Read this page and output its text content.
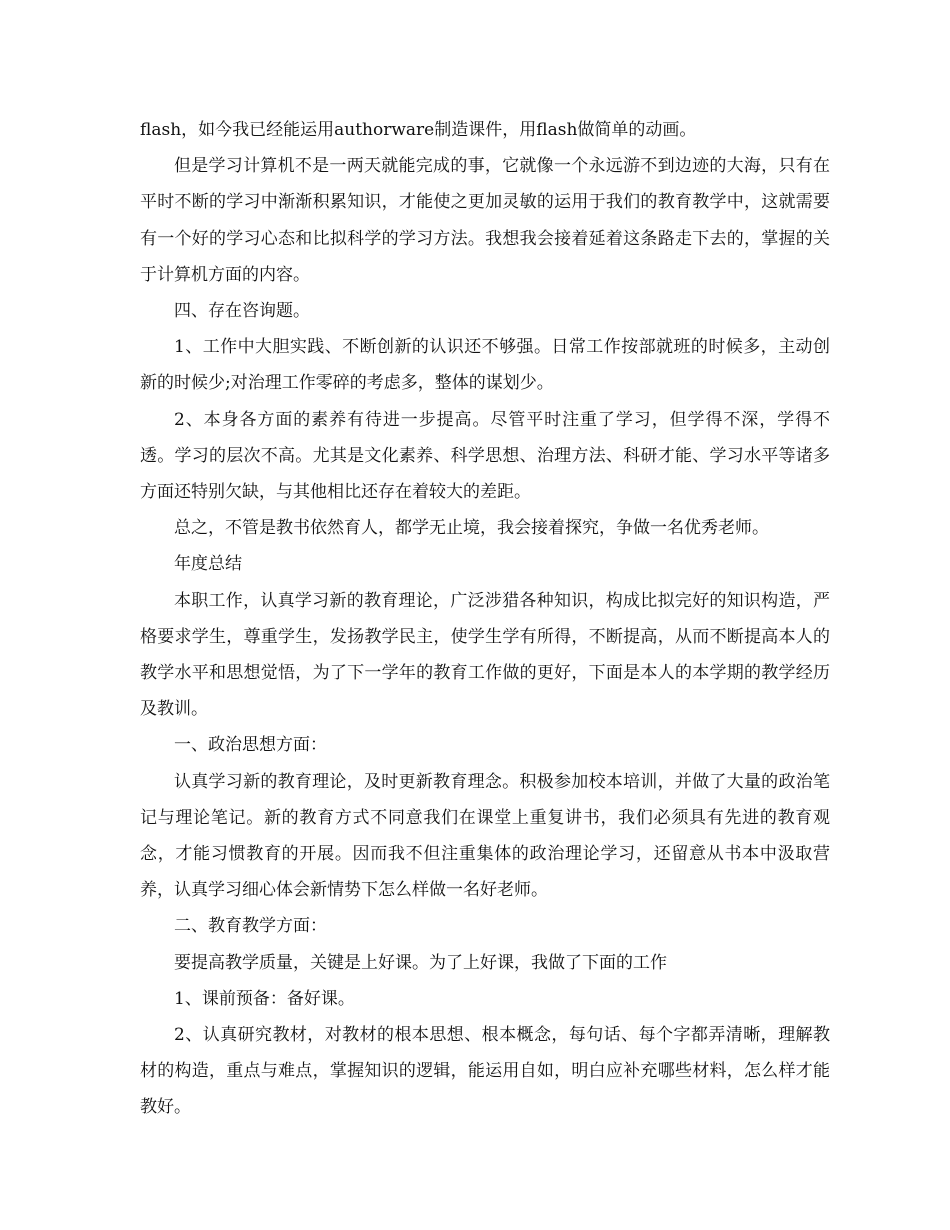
flash，如今我已经能运用authorware制造课件，用flash做简单的动画。

但是学习计算机不是一两天就能完成的事，它就像一个永远游不到边迹的大海，只有在平时不断的学习中渐渐积累知识，才能使之更加灵敏的运用于我们的教育教学中，这就需要有一个好的学习心态和比拟科学的学习方法。我想我会接着延着这条路走下去的，掌握的关于计算机方面的内容。

四、存在咨询题。

1、工作中大胆实践、不断创新的认识还不够强。日常工作按部就班的时候多，主动创新的时候少;对治理工作零碎的考虑多，整体的谋划少。

2、本身各方面的素养有待进一步提高。尽管平时注重了学习，但学得不深，学得不透。学习的层次不高。尤其是文化素养、科学思想、治理方法、科研才能、学习水平等诸多方面还特别欠缺，与其他相比还存在着较大的差距。

总之，不管是教书依然育人，都学无止境，我会接着探究，争做一名优秀老师。

年度总结

本职工作，认真学习新的教育理论，广泛涉猎各种知识，构成比拟完好的知识构造，严格要求学生，尊重学生，发扬教学民主，使学生学有所得，不断提高，从而不断提高本人的教学水平和思想觉悟，为了下一学年的教育工作做的更好，下面是本人的本学期的教学经历及教训。

一、政治思想方面：

认真学习新的教育理论，及时更新教育理念。积极参加校本培训，并做了大量的政治笔记与理论笔记。新的教育方式不同意我们在课堂上重复讲书，我们必须具有先进的教育观念，才能习惯教育的开展。因而我不但注重集体的政治理论学习，还留意从书本中汲取营养，认真学习细心体会新情势下怎么样做一名好老师。

二、教育教学方面：

要提高教学质量，关键是上好课。为了上好课，我做了下面的工作

1、课前预备：备好课。

2、认真研究教材，对教材的根本思想、根本概念，每句话、每个字都弄清晰，理解教材的构造，重点与难点，掌握知识的逻辑，能运用自如，明白应补充哪些材料，怎么样才能教好。
